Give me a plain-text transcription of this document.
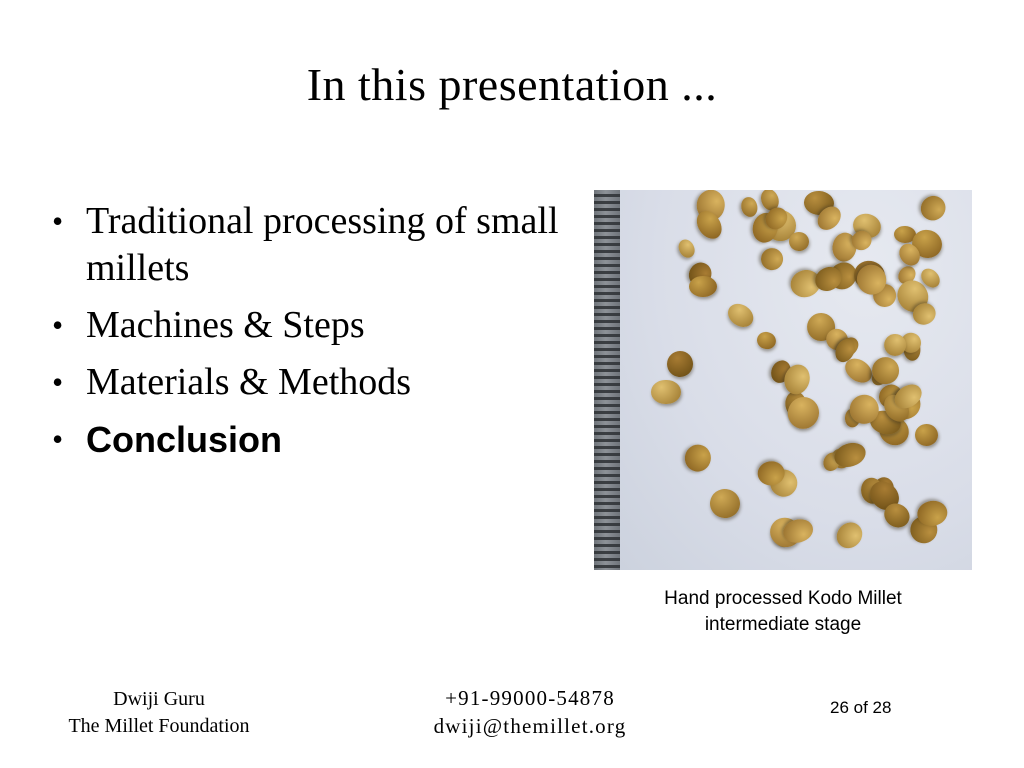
In this presentation ...
• Traditional processing of small millets
• Machines & Steps
• Materials & Methods
• Conclusion
Hand processed Kodo Millet
intermediate stage
Dwiji Guru
The Millet Foundation
+91-99000-54878
dwiji@themillet.org
26 of 28
